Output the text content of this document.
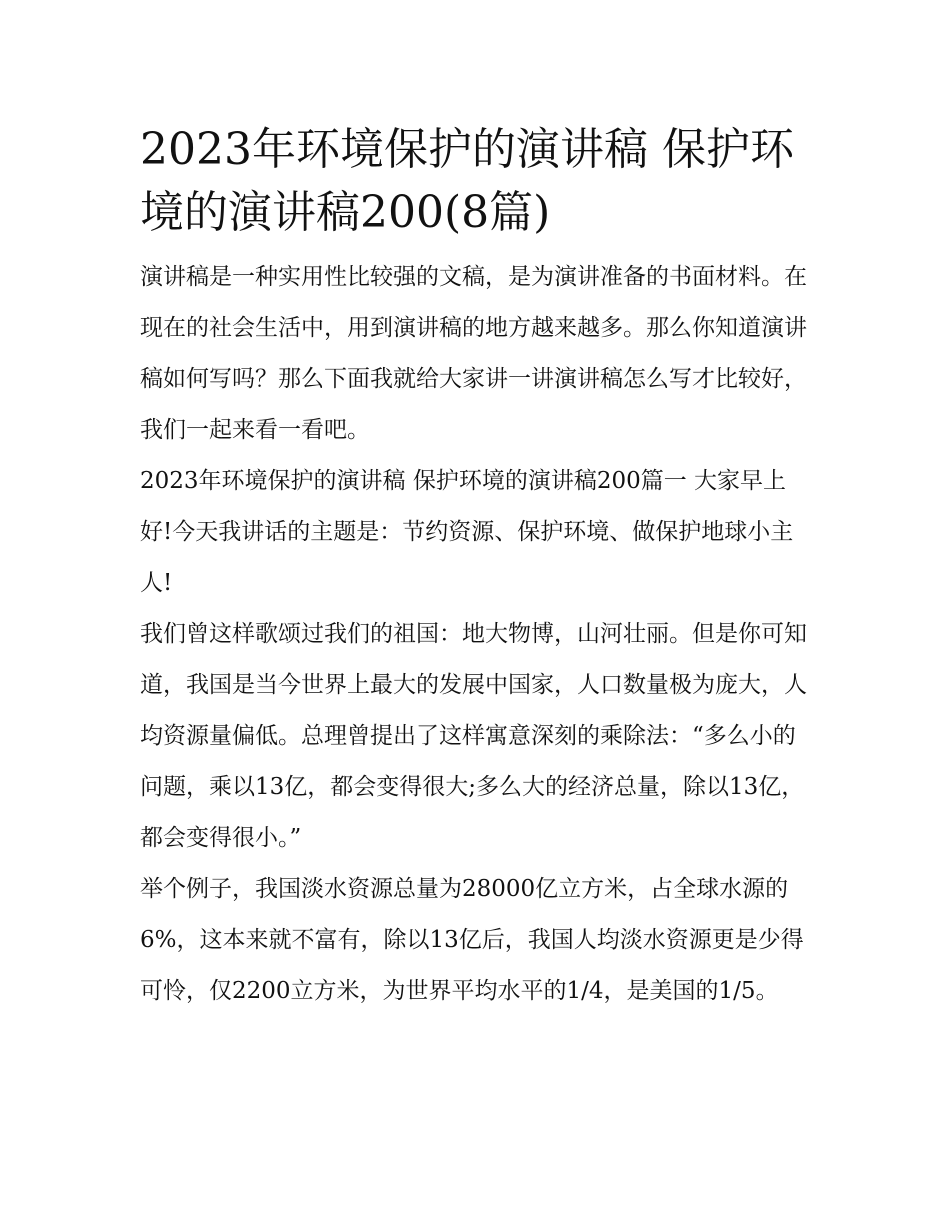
2023年环境保护的演讲稿 保护环境的演讲稿200(8篇)

演讲稿是一种实用性比较强的文稿，是为演讲准备的书面材料。在现在的社会生活中，用到演讲稿的地方越来越多。那么你知道演讲稿如何写吗？那么下面我就给大家讲一讲演讲稿怎么写才比较好，我们一起来看一看吧。

2023年环境保护的演讲稿 保护环境的演讲稿200篇一 大家早上好!今天我讲话的主题是：节约资源、保护环境、做保护地球小主人!

我们曾这样歌颂过我们的祖国：地大物博，山河壮丽。但是你可知道，我国是当今世界上最大的发展中国家，人口数量极为庞大，人均资源量偏低。总理曾提出了这样寓意深刻的乘除法：“多么小的问题，乘以13亿，都会变得很大;多么大的经济总量，除以13亿，都会变得很小。”

举个例子，我国淡水资源总量为28000亿立方米，占全球水源的6%，这本来就不富有，除以13亿后，我国人均淡水资源更是少得可怜，仅2200立方米，为世界平均水平的1/4，是美国的1/5。
